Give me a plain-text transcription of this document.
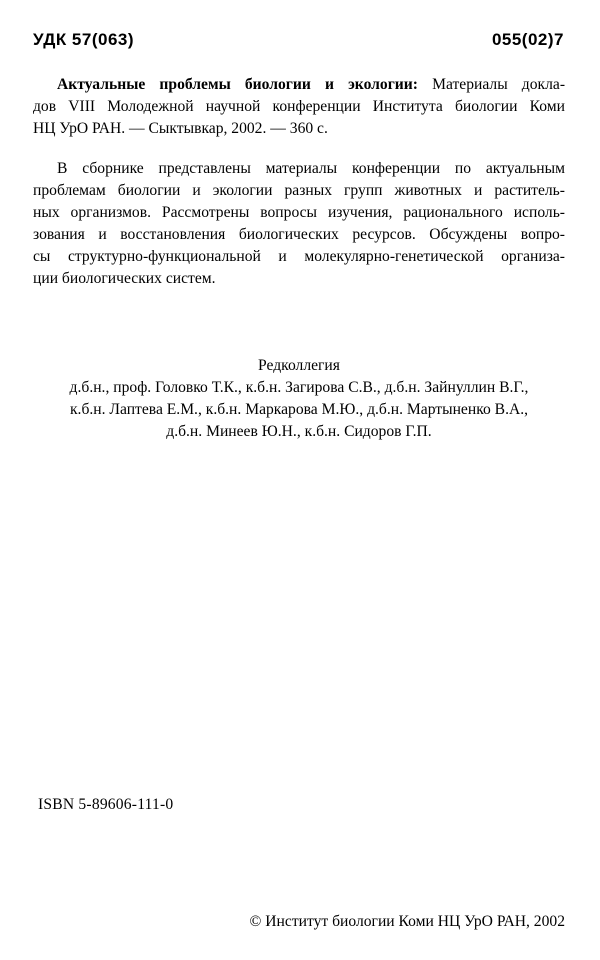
УДК 57(063)	055(02)7
Актуальные проблемы биологии и экологии: Материалы докла-
дов VIII Молодежной научной конференции Института биологии Коми
НЦ УрО РАН. — Сыктывкар, 2002. — 360 с.
В сборнике представлены материалы конференции по актуальным
проблемам биологии и экологии разных групп животных и раститель-
ных организмов. Рассмотрены вопросы изучения, рационального исполь-
зования и восстановления биологических ресурсов. Обсуждены вопро-
сы структурно-функциональной и молекулярно-генетической организа-
ции биологических систем.
Редколлегия
д.б.н., проф. Головко Т.К., к.б.н. Загирова С.В., д.б.н. Зайнуллин В.Г.,
к.б.н. Лаптева Е.М., к.б.н. Маркарова М.Ю., д.б.н. Мартыненко В.А.,
д.б.н. Минеев Ю.Н., к.б.н. Сидоров Г.П.
ISBN 5-89606-111-0
© Институт биологии Коми НЦ УрО РАН, 2002
